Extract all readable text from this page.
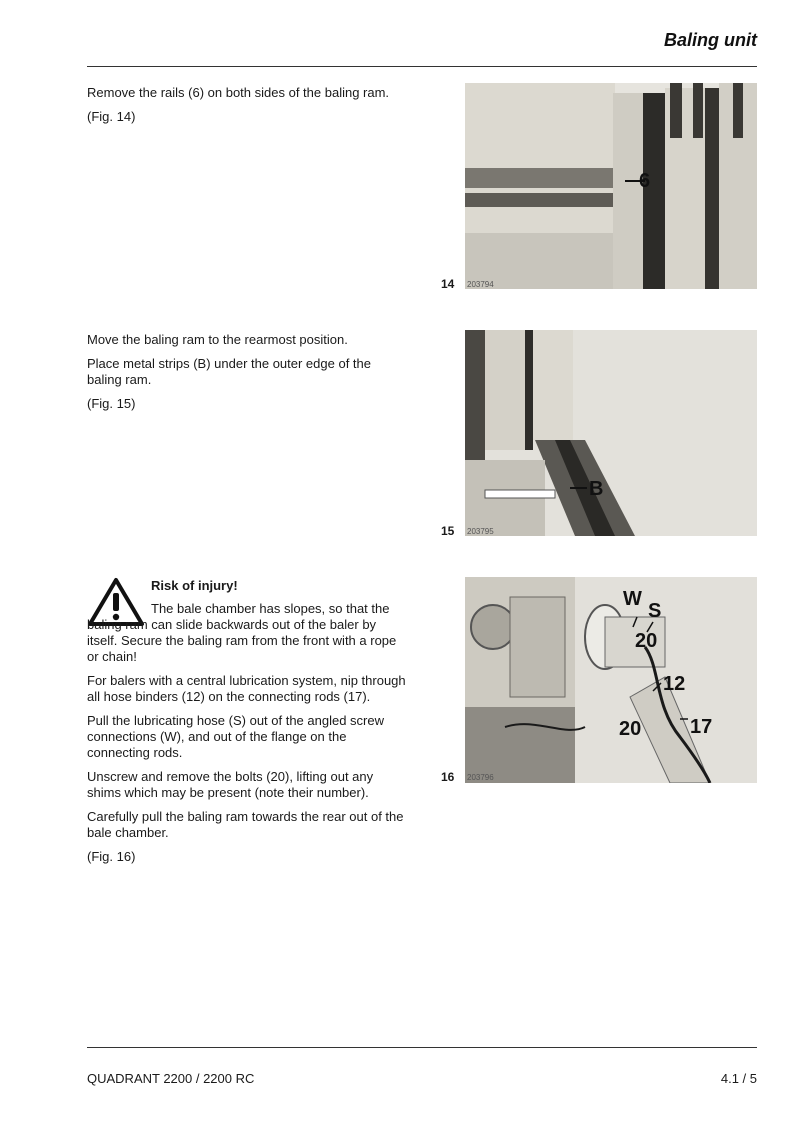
Baling unit

Remove the rails (6) on both sides of the baling ram.

(Fig. 14)

6
14 203794

Move the baling ram to the rearmost position.

Place metal strips (B) under the outer edge of the baling ram.

(Fig. 15)

B
15 203795

Risk of injury!

The bale chamber has slopes, so that the baling ram can slide backwards out of the baler by itself. Secure the baling ram from the front with a rope or chain!

For balers with a central lubrication system, nip through all hose binders (12) on the connecting rods (17).

Pull the lubricating hose (S) out of the angled screw connections (W), and out of the flange on the connecting rods.

Unscrew and remove the bolts (20), lifting out any shims which may be present (note their number).

Carefully pull the baling ram towards the rear out of the bale chamber.

(Fig. 16)

W
S
20
12
20 17
16 203796
QUADRANT 2200 / 2200 RC	4.1 / 5
